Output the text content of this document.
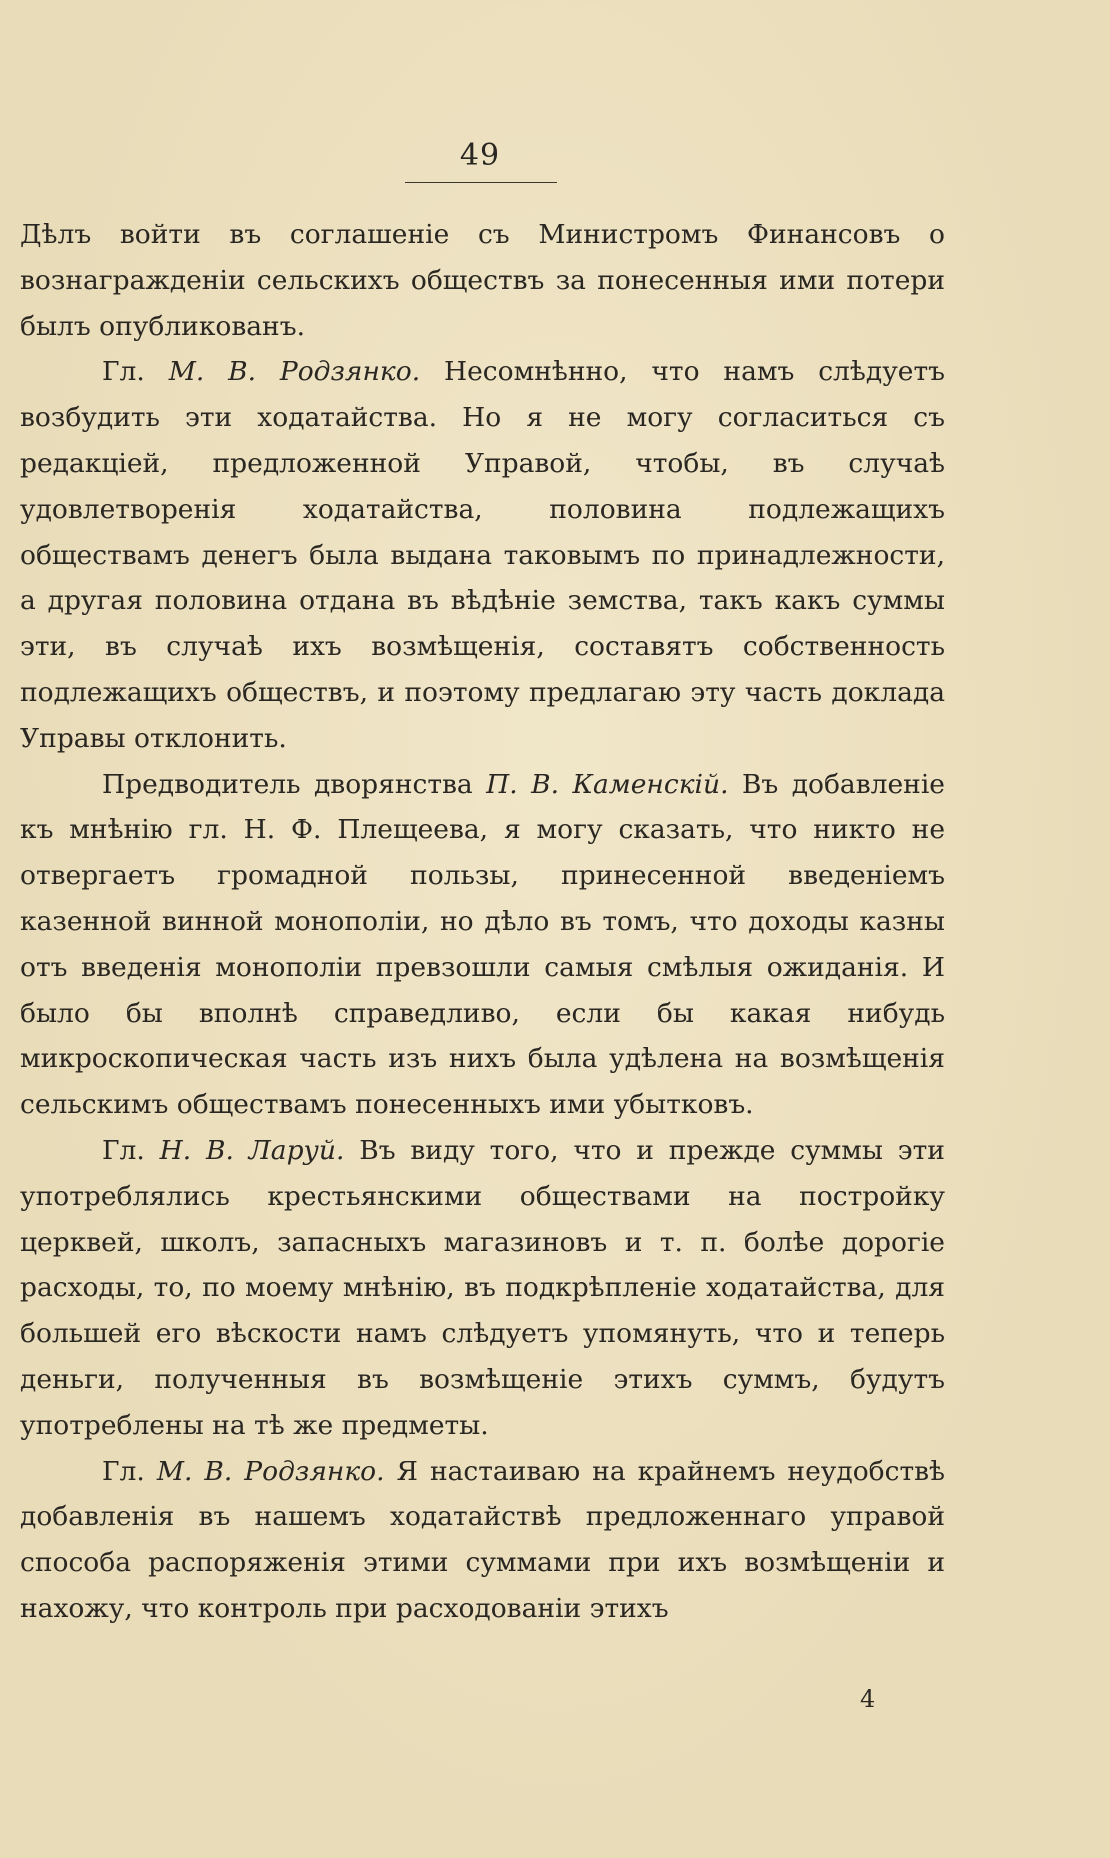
49

Дѣлъ войти въ соглашеніе съ Министромъ Финансовъ о вознагражденіи сельскихъ обществъ за понесенныя ими потери былъ опубликованъ.

Гл. М. В. Родзянко. Несомнѣнно, что намъ слѣдуетъ возбудить эти ходатайства. Но я не могу согласиться съ редакціей, предложенной Управой, чтобы, въ случаѣ удовлетворенія ходатайства, половина подлежащихъ обществамъ денегъ была выдана таковымъ по принадлежности, а другая половина отдана въ вѣдѣніе земства, такъ какъ суммы эти, въ случаѣ ихъ возмѣщенія, составятъ собственность подлежащихъ обществъ, и поэтому предлагаю эту часть доклада Управы отклонить.

Предводитель дворянства П. В. Каменскій. Въ добавленіе къ мнѣнію гл. Н. Ф. Плещеева, я могу сказать, что никто не отвергаетъ громадной пользы, принесенной введеніемъ казенной винной монополіи, но дѣло въ томъ, что доходы казны отъ введенія монополіи превзошли самыя смѣлыя ожиданія. И было бы вполнѣ справедливо, если бы какая нибудь микроскопическая часть изъ нихъ была удѣлена на возмѣщенія сельскимъ обществамъ понесенныхъ ими убытковъ.

Гл. Н. В. Ларуй. Въ виду того, что и прежде суммы эти употреблялись крестьянскими обществами на постройку церквей, школъ, запасныхъ магазиновъ и т. п. болѣе дорогіе расходы, то, по моему мнѣнію, въ подкрѣпленіе ходатайства, для большей его вѣскости намъ слѣдуетъ упомянуть, что и теперь деньги, полученныя въ возмѣщеніе этихъ суммъ, будутъ употреблены на тѣ же предметы.

Гл. М. В. Родзянко. Я настаиваю на крайнемъ неудобствѣ добавленія въ нашемъ ходатайствѣ предложеннаго управой способа распоряженія этими суммами при ихъ возмѣщеніи и нахожу, что контроль при расходованіи этихъ

4
